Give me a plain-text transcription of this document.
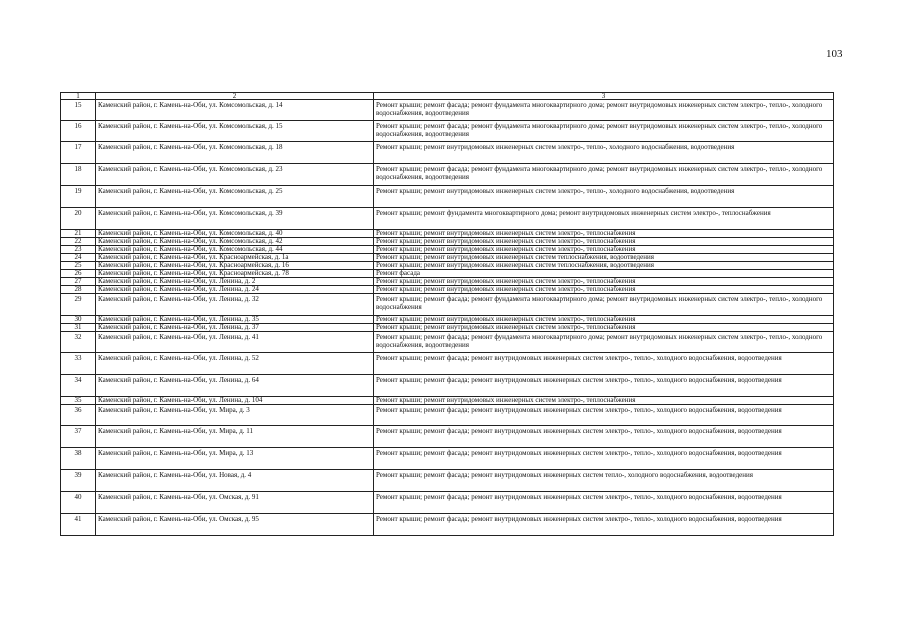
103
1	2	3
15	Каменский район, г. Камень-на-Оби, ул. Комсомольская, д. 14	Ремонт крыши; ремонт фасада; ремонт фундамента многоквартирного дома; ремонт внутридомовых инженерных систем электро-, тепло-, холодного водоснабжения, водоотведения
16	Каменский район, г. Камень-на-Оби, ул. Комсомольская, д. 15	Ремонт крыши; ремонт фасада; ремонт фундамента многоквартирного дома; ремонт внутридомовых инженерных систем электро-, тепло-, холодного водоснабжения, водоотведения
17	Каменский район, г. Камень-на-Оби, ул. Комсомольская, д. 18	Ремонт крыши; ремонт внутридомовых инженерных систем электро-, тепло-, холодного водоснабжения, водоотведения
18	Каменский район, г. Камень-на-Оби, ул. Комсомольская, д. 23	Ремонт крыши; ремонт фасада; ремонт фундамента многоквартирного дома; ремонт внутридомовых инженерных систем электро-, тепло-, холодного водоснабжения, водоотведения
19	Каменский район, г. Камень-на-Оби, ул. Комсомольская, д. 25	Ремонт крыши; ремонт внутридомовых инженерных систем электро-, тепло-, холодного водоснабжения, водоотведения
20	Каменский район, г. Камень-на-Оби, ул. Комсомольская, д. 39	Ремонт крыши; ремонт фундамента многоквартирного дома; ремонт внутридомовых инженерных систем электро-, теплоснабжения
21	Каменский район, г. Камень-на-Оби, ул. Комсомольская, д. 40	Ремонт крыши; ремонт внутридомовых инженерных систем электро-, теплоснабжения
22	Каменский район, г. Камень-на-Оби, ул. Комсомольская, д. 42	Ремонт крыши; ремонт внутридомовых инженерных систем электро-, теплоснабжения
23	Каменский район, г. Камень-на-Оби, ул. Комсомольская, д. 44	Ремонт крыши; ремонт внутридомовых инженерных систем электро-, теплоснабжения
24	Каменский район, г. Камень-на-Оби, ул. Красноармейская, д. 1а	Ремонт крыши; ремонт внутридомовых инженерных систем теплоснабжения, водоотведения
25	Каменский район, г. Камень-на-Оби, ул. Красноармейская, д. 16	Ремонт крыши; ремонт внутридомовых инженерных систем теплоснабжения, водоотведения
26	Каменский район, г. Камень-на-Оби, ул. Красноармейская, д. 78	Ремонт фасада
27	Каменский район, г. Камень-на-Оби, ул. Ленина, д. 2	Ремонт крыши; ремонт внутридомовых инженерных систем электро-, теплоснабжения
28	Каменский район, г. Камень-на-Оби, ул. Ленина, д. 24	Ремонт крыши; ремонт внутридомовых инженерных систем электро-, теплоснабжения
29	Каменский район, г. Камень-на-Оби, ул. Ленина, д. 32	Ремонт крыши; ремонт фасада; ремонт фундамента многоквартирного дома; ремонт внутридомовых инженерных систем электро-, тепло-, холодного водоснабжения
30	Каменский район, г. Камень-на-Оби, ул. Ленина, д. 35	Ремонт крыши; ремонт внутридомовых инженерных систем электро-, теплоснабжения
31	Каменский район, г. Камень-на-Оби, ул. Ленина, д. 37	Ремонт крыши; ремонт внутридомовых инженерных систем электро-, теплоснабжения
32	Каменский район, г. Камень-на-Оби, ул. Ленина, д. 41	Ремонт крыши; ремонт фасада; ремонт фундамента многоквартирного дома; ремонт внутридомовых инженерных систем электро-, тепло-, холодного водоснабжения, водоотведения
33	Каменский район, г. Камень-на-Оби, ул. Ленина, д. 52	Ремонт крыши; ремонт фасада; ремонт внутридомовых инженерных систем электро-, тепло-, холодного водоснабжения, водоотведения
34	Каменский район, г. Камень-на-Оби, ул. Ленина, д. 64	Ремонт крыши; ремонт фасада; ремонт внутридомовых инженерных систем электро-, тепло-, холодного водоснабжения, водоотведения
35	Каменский район, г. Камень-на-Оби, ул. Ленина, д. 104	Ремонт крыши; ремонт внутридомовых инженерных систем электро-, теплоснабжения
36	Каменский район, г. Камень-на-Оби, ул. Мира, д. 3	Ремонт крыши; ремонт фасада; ремонт внутридомовых инженерных систем электро-, тепло-, холодного водоснабжения, водоотведения
37	Каменский район, г. Камень-на-Оби, ул. Мира, д. 11	Ремонт крыши; ремонт фасада; ремонт внутридомовых инженерных систем электро-, тепло-, холодного водоснабжения, водоотведения
38	Каменский район, г. Камень-на-Оби, ул. Мира, д. 13	Ремонт крыши; ремонт фасада; ремонт внутридомовых инженерных систем электро-, тепло-, холодного водоснабжения, водоотведения
39	Каменский район, г. Камень-на-Оби, ул. Новая, д. 4	Ремонт крыши; ремонт фасада; ремонт внутридомовых инженерных систем тепло-, холодного водоснабжения, водоотведения
40	Каменский район, г. Камень-на-Оби, ул. Омская, д. 91	Ремонт крыши; ремонт фасада; ремонт внутридомовых инженерных систем электро-, тепло-, холодного водоснабжения, водоотведения
41	Каменский район, г. Камень-на-Оби, ул. Омская, д. 95	Ремонт крыши; ремонт фасада; ремонт внутридомовых инженерных систем электро-, тепло-, холодного водоснабжения, водоотведения
